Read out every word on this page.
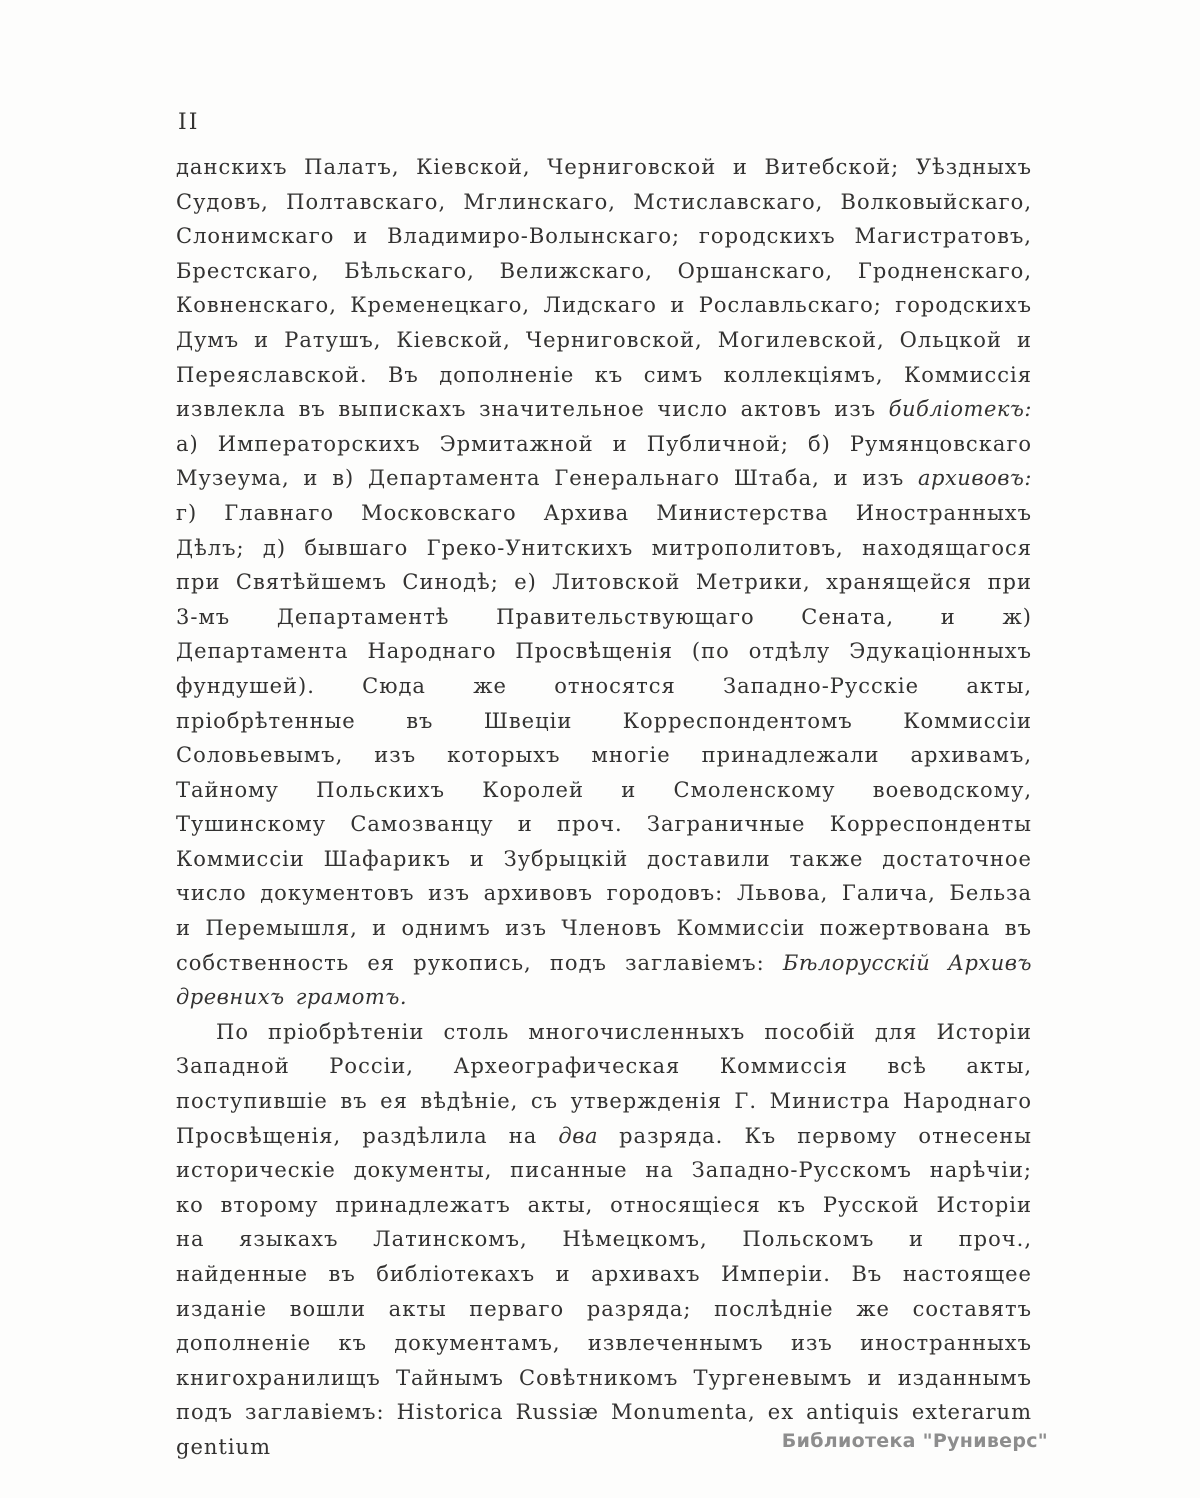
II

данскихъ Палатъ, Кіевской, Черниговской и Витебской; Уѣздныхъ Судовъ, Полтавскаго, Мглинскаго, Мстиславскаго, Волковыйскаго, Слонимскаго и Владимиро-Волынскаго; городскихъ Магистратовъ, Брестскаго, Бѣльскаго, Велижскаго, Оршанскаго, Гродненскаго, Ковненскаго, Кременецкаго, Лидскаго и Рославльскаго; городскихъ Думъ и Ратушъ, Кіевской, Черниговской, Могилевской, Ольцкой и Переяславской. Въ дополненіе къ симъ коллекціямъ, Коммиссія извлекла въ выпискахъ значительное число актовъ изъ библіотекъ: а) Императорскихъ Эрмитажной и Публичной; б) Румянцовскаго Музеума, и в) Департамента Генеральнаго Штаба, и изъ архивовъ: г) Главнаго Московскаго Архива Министерства Иностранныхъ Дѣлъ; д) бывшаго Греко-Унитскихъ митрополитовъ, находящагося при Святѣйшемъ Синодѣ; е) Литовской Метрики, хранящейся при 3-мъ Департаментѣ Правительствующаго Сената, и ж) Департамента Народнаго Просвѣщенія (по отдѣлу Эдукаціонныхъ фундушей). Сюда же относятся Западно-Русскіе акты, пріобрѣтенные въ Швеціи Корреспондентомъ Коммиссіи Соловьевымъ, изъ которыхъ многіе принадлежали архивамъ, Тайному Польскихъ Королей и Смоленскому воеводскому, Тушинскому Самозванцу и проч. Заграничные Корреспонденты Коммиссіи Шафарикъ и Зубрыцкій доставили также достаточное число документовъ изъ архивовъ городовъ: Львова, Галича, Бельза и Перемышля, и однимъ изъ Членовъ Коммиссіи пожертвована въ собственность ея рукопись, подъ заглавіемъ: Бѣлорусскій Архивъ древнихъ грамотъ.

По пріобрѣтеніи столь многочисленныхъ пособій для Исторіи Западной Россіи, Археографическая Коммиссія всѣ акты, поступившіе въ ея вѣдѣніе, съ утвержденія Г. Министра Народнаго Просвѣщенія, раздѣлила на два разряда. Къ первому отнесены историческіе документы, писанные на Западно-Русскомъ нарѣчіи; ко второму принадлежатъ акты, относящіеся къ Русской Исторіи на языкахъ Латинскомъ, Нѣмецкомъ, Польскомъ и проч., найденные въ библіотекахъ и архивахъ Имперіи. Въ настоящее изданіе вошли акты перваго разряда; послѣдніе же составятъ дополненіе къ документамъ, извлеченнымъ изъ иностранныхъ книгохранилищъ Тайнымъ Совѣтникомъ Тургеневымъ и изданнымъ подъ заглавіемъ: Historica Russiæ Monumenta, ex antiquis exterarum gentium	Библиотека "Руниверс"
